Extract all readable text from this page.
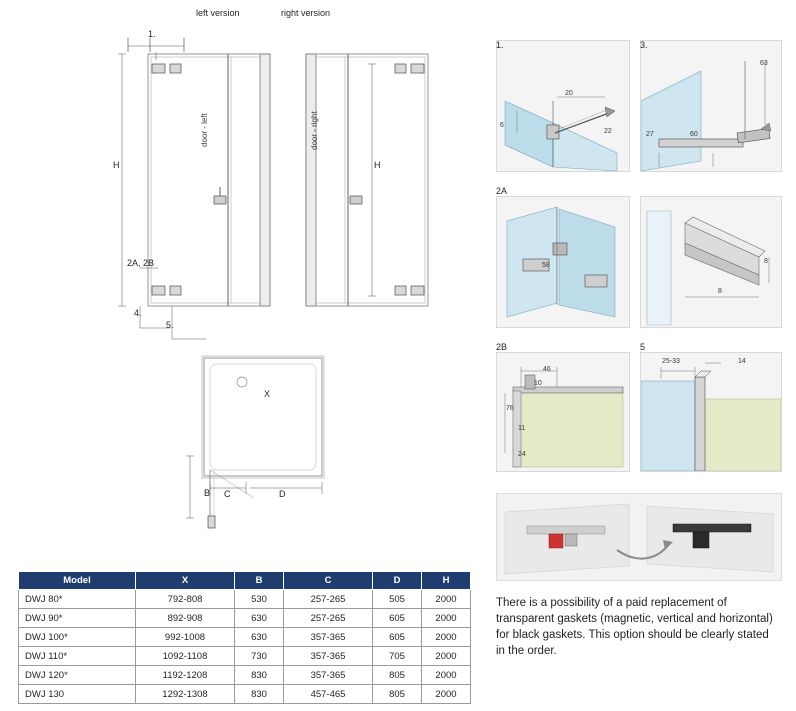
left version	right version
1.
2A, 2B
4.
5.
H	H
door - left	door - right
X
B C	D
1.
20
6
22
3.
63
27	60
2A
58
8
8
2B
46
10
76
11
24
5
25-33	14
There is a possibility of a paid replacement of transparent gaskets (magnetic, vertical and horizontal) for black gaskets. This option should be clearly stated in the order.
Model	X	B	C	D	H
DWJ 80*	792-808	530	257-265	505	2000
DWJ 90*	892-908	630	257-265	605	2000
DWJ 100*	992-1008	630	357-365	605	2000
DWJ 110*	1092-1108	730	357-365	705	2000
DWJ 120*	1192-1208	830	357-365	805	2000
DWJ 130	1292-1308	830	457-465	805	2000
